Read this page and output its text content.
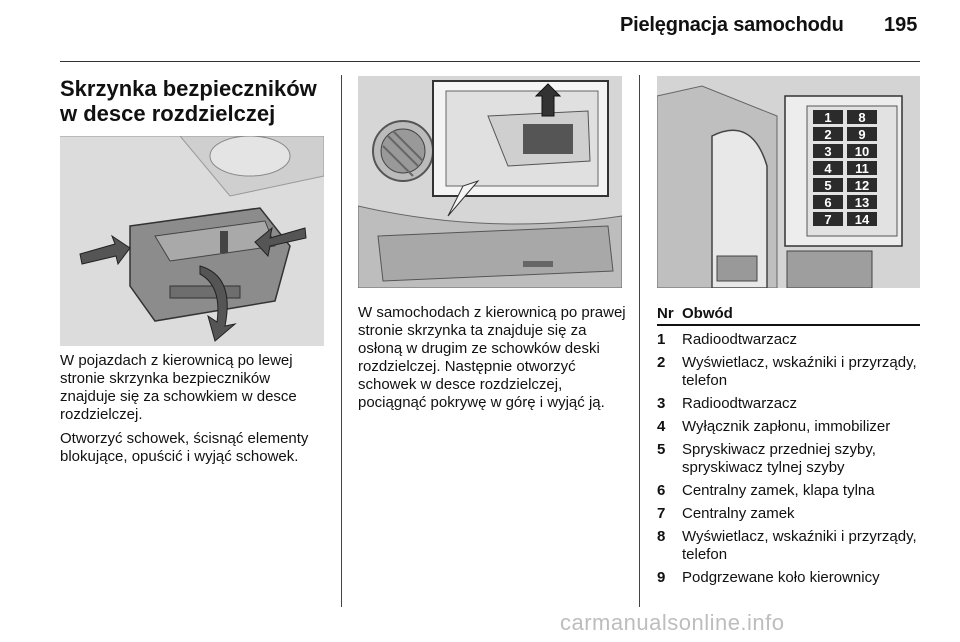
Pielęgnacja samochodu 195
Skrzynka bezpieczników
w desce rozdzielczej

W pojazdach z kierownicą po lewej stronie skrzynka bezpieczników znajduje się za schowkiem w desce rozdzielczej.

Otworzyć schowek, ścisnąć elementy blokujące, opuścić i wyjąć schowek.

W samochodach z kierownicą po prawej stronie skrzynka ta znajduje się za osłoną w drugim ze schowków deski rozdzielczej. Następnie otworzyć schowek w desce rozdzielczej, pociągnąć pokrywę w górę i wyjąć ją.

1 8
2 9
3 10
4 11
5 12
6 13
7 14
Nr Obwód
1	Radioodtwarzacz
2	Wyświetlacz, wskaźniki i przyrządy, telefon
3	Radioodtwarzacz
4	Wyłącznik zapłonu, immobilizer
5	Spryskiwacz przedniej szyby, spryskiwacz tylnej szyby
6	Centralny zamek, klapa tylna
7	Centralny zamek
8	Wyświetlacz, wskaźniki i przyrządy, telefon
9	Podgrzewane koło kierownicy
carmanualsonline.info
